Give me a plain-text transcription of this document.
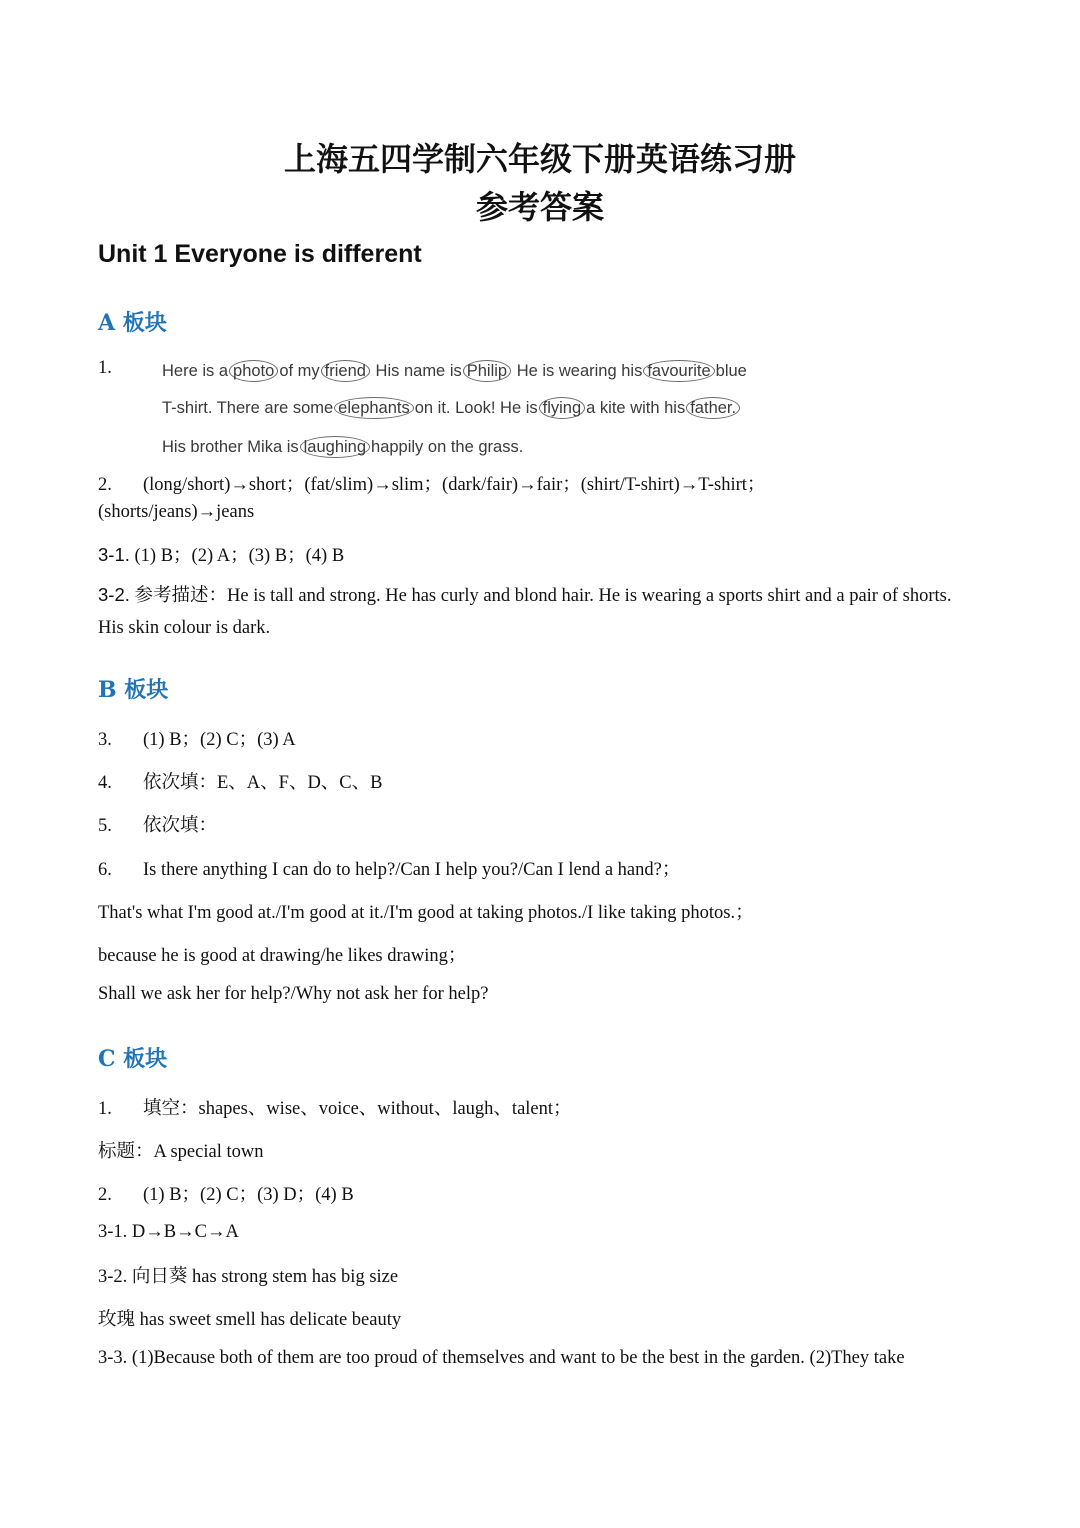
上海五四学制六年级下册英语练习册
参考答案
Unit 1 Everyone is different
A 板块
1.	Here is a photo of my friend His name is Philip He is wearing his favourite blue
T-shirt. There are some elephants on it. Look! He is flying a kite with his father.
His brother Mika is laughing happily on the grass.
2. (long/short)→short；(fat/slim)→slim；(dark/fair)→fair；(shirt/T-shirt)→T-shirt；
(shorts/jeans)→jeans
3-1. (1) B；(2) A；(3) B；(4) B
3-2. 参考描述：He is tall and strong. He has curly and blond hair. He is wearing a sports shirt and a pair of shorts. His skin colour is dark.
B 板块
3. (1) B；(2) C；(3) A
4. 依次填：E、A、F、D、C、B
5. 依次填：
6. Is there anything I can do to help?/Can I help you?/Can I lend a hand?；
That's what I'm good at./I'm good at it./I'm good at taking photos./I like taking photos.；
because he is good at drawing/he likes drawing；
Shall we ask her for help?/Why not ask her for help?
C 板块
1. 填空：shapes、wise、voice、without、laugh、talent；
标题：A special town
2. (1) B；(2) C；(3) D；(4) B
3-1. D→B→C→A
3-2. 向日葵 has strong stem has big size
玫瑰 has sweet smell has delicate beauty
3-3. (1)Because both of them are too proud of themselves and want to be the best in the garden. (2)They take
